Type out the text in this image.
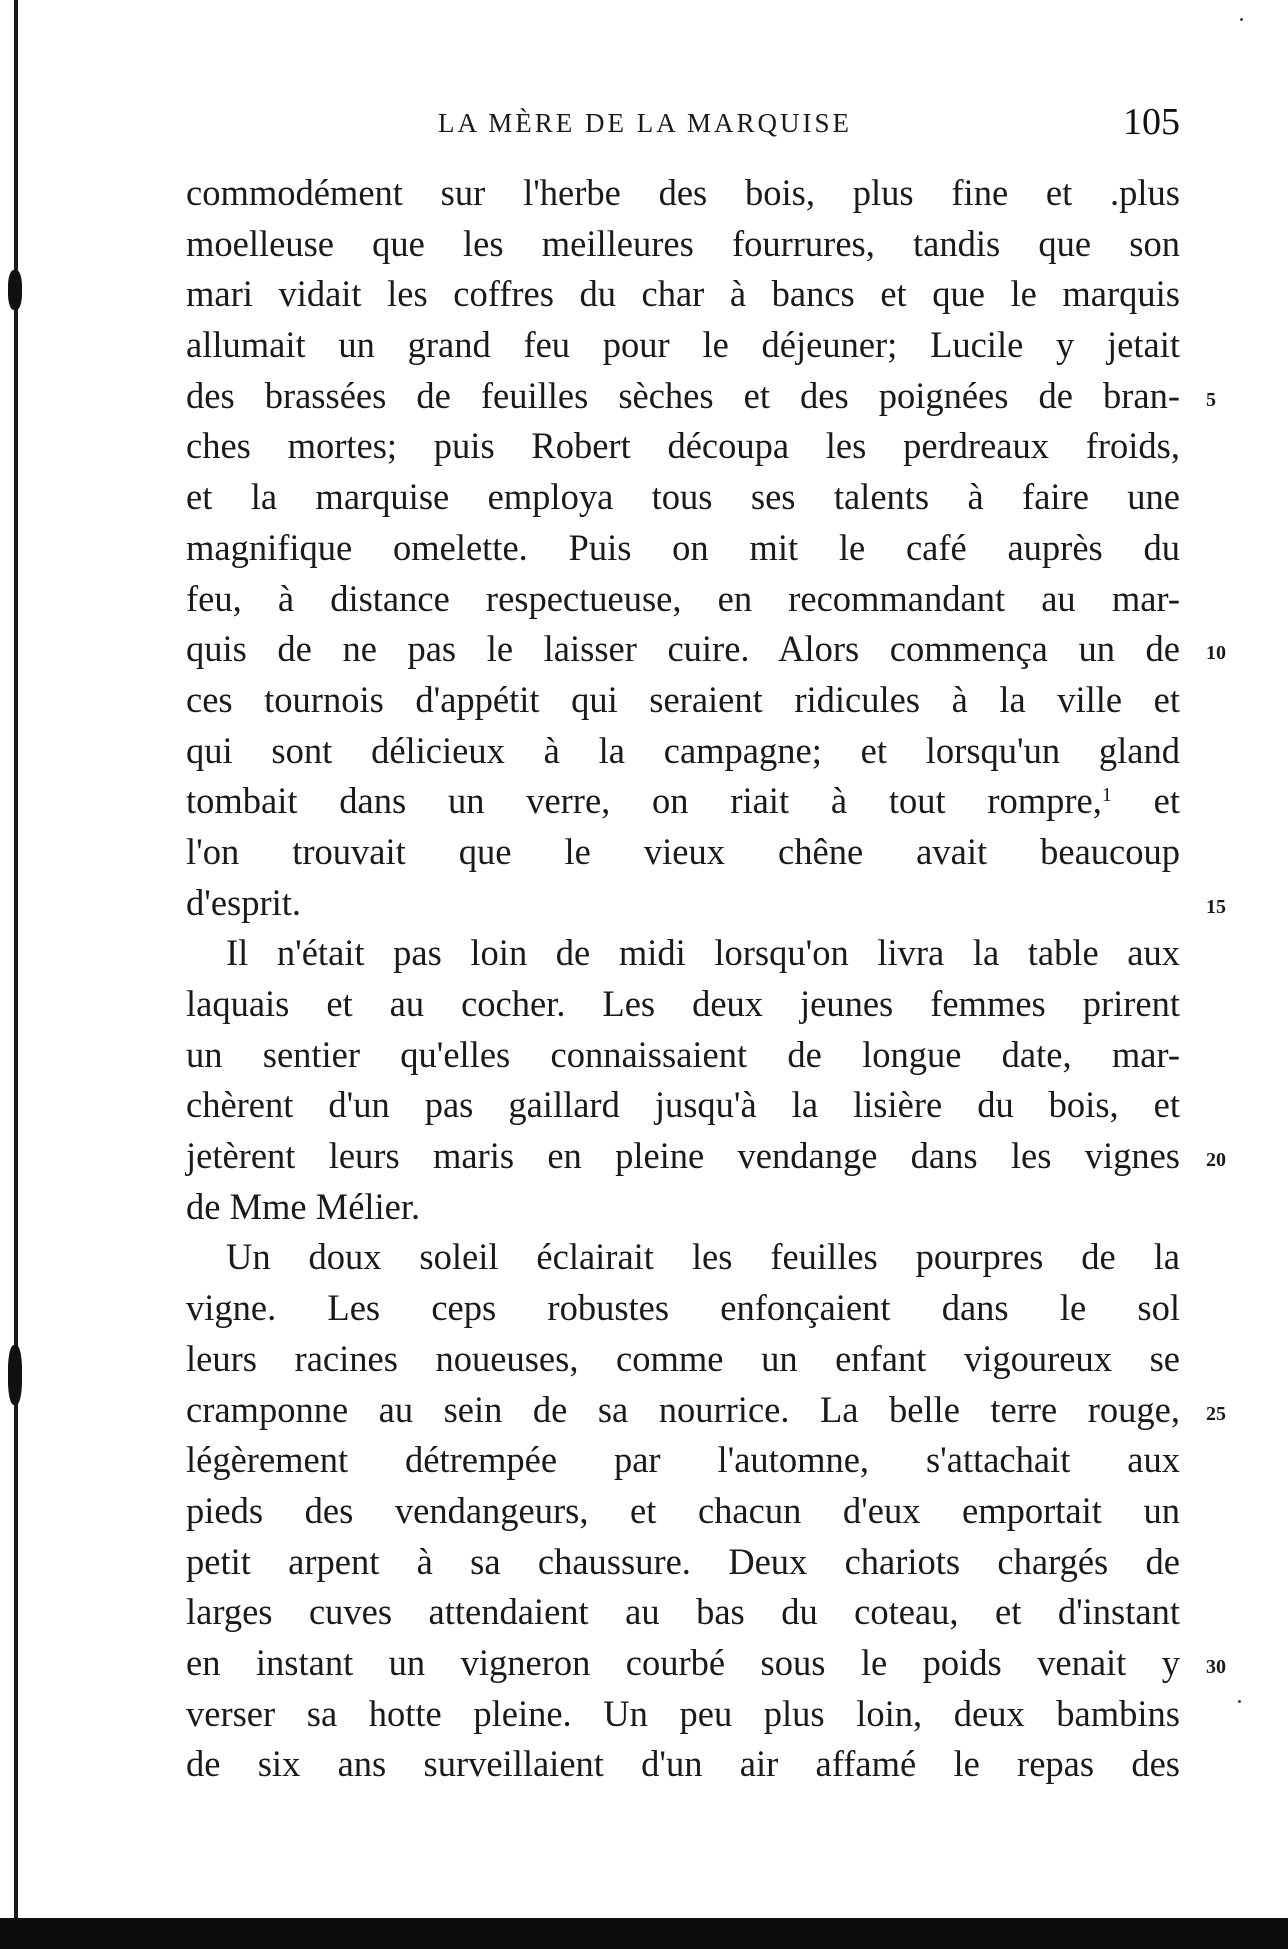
LA MÈRE DE LA MARQUISE	105
commodément sur l'herbe des bois, plus fine et .plus
moelleuse que les meilleures fourrures, tandis que son
mari vidait les coffres du char à bancs et que le marquis
allumait un grand feu pour le déjeuner; Lucile y jetait
des brassées de feuilles sèches et des poignées de bran- 5
ches mortes; puis Robert découpa les perdreaux froids,
et la marquise employa tous ses talents à faire une
magnifique omelette. Puis on mit le café auprès du
feu, à distance respectueuse, en recommandant au mar-
quis de ne pas le laisser cuire. Alors commença un de 10
ces tournois d'appétit qui seraient ridicules à la ville et
qui sont délicieux à la campagne; et lorsqu'un gland
tombait dans un verre, on riait à tout rompre,$^1$ et
l'on trouvait que le vieux chêne avait beaucoup
d'esprit.	15
Il n'était pas loin de midi lorsqu'on livra la table aux
laquais et au cocher. Les deux jeunes femmes prirent
un sentier qu'elles connaissaient de longue date, mar-
chèrent d'un pas gaillard jusqu'à la lisière du bois, et
jetèrent leurs maris en pleine vendange dans les vignes 20
de Mme Mélier.
Un doux soleil éclairait les feuilles pourpres de la
vigne. Les ceps robustes enfonçaient dans le sol
leurs racines noueuses, comme un enfant vigoureux se
cramponne au sein de sa nourrice. La belle terre rouge, 25
légèrement détrempée par l'automne, s'attachait aux
pieds des vendangeurs, et chacun d'eux emportait un
petit arpent à sa chaussure. Deux chariots chargés de
larges cuves attendaient au bas du coteau, et d'instant
en instant un vigneron courbé sous le poids venait y 30
verser sa hotte pleine. Un peu plus loin, deux bambins
de six ans surveillaient d'un air affamé le repas des
